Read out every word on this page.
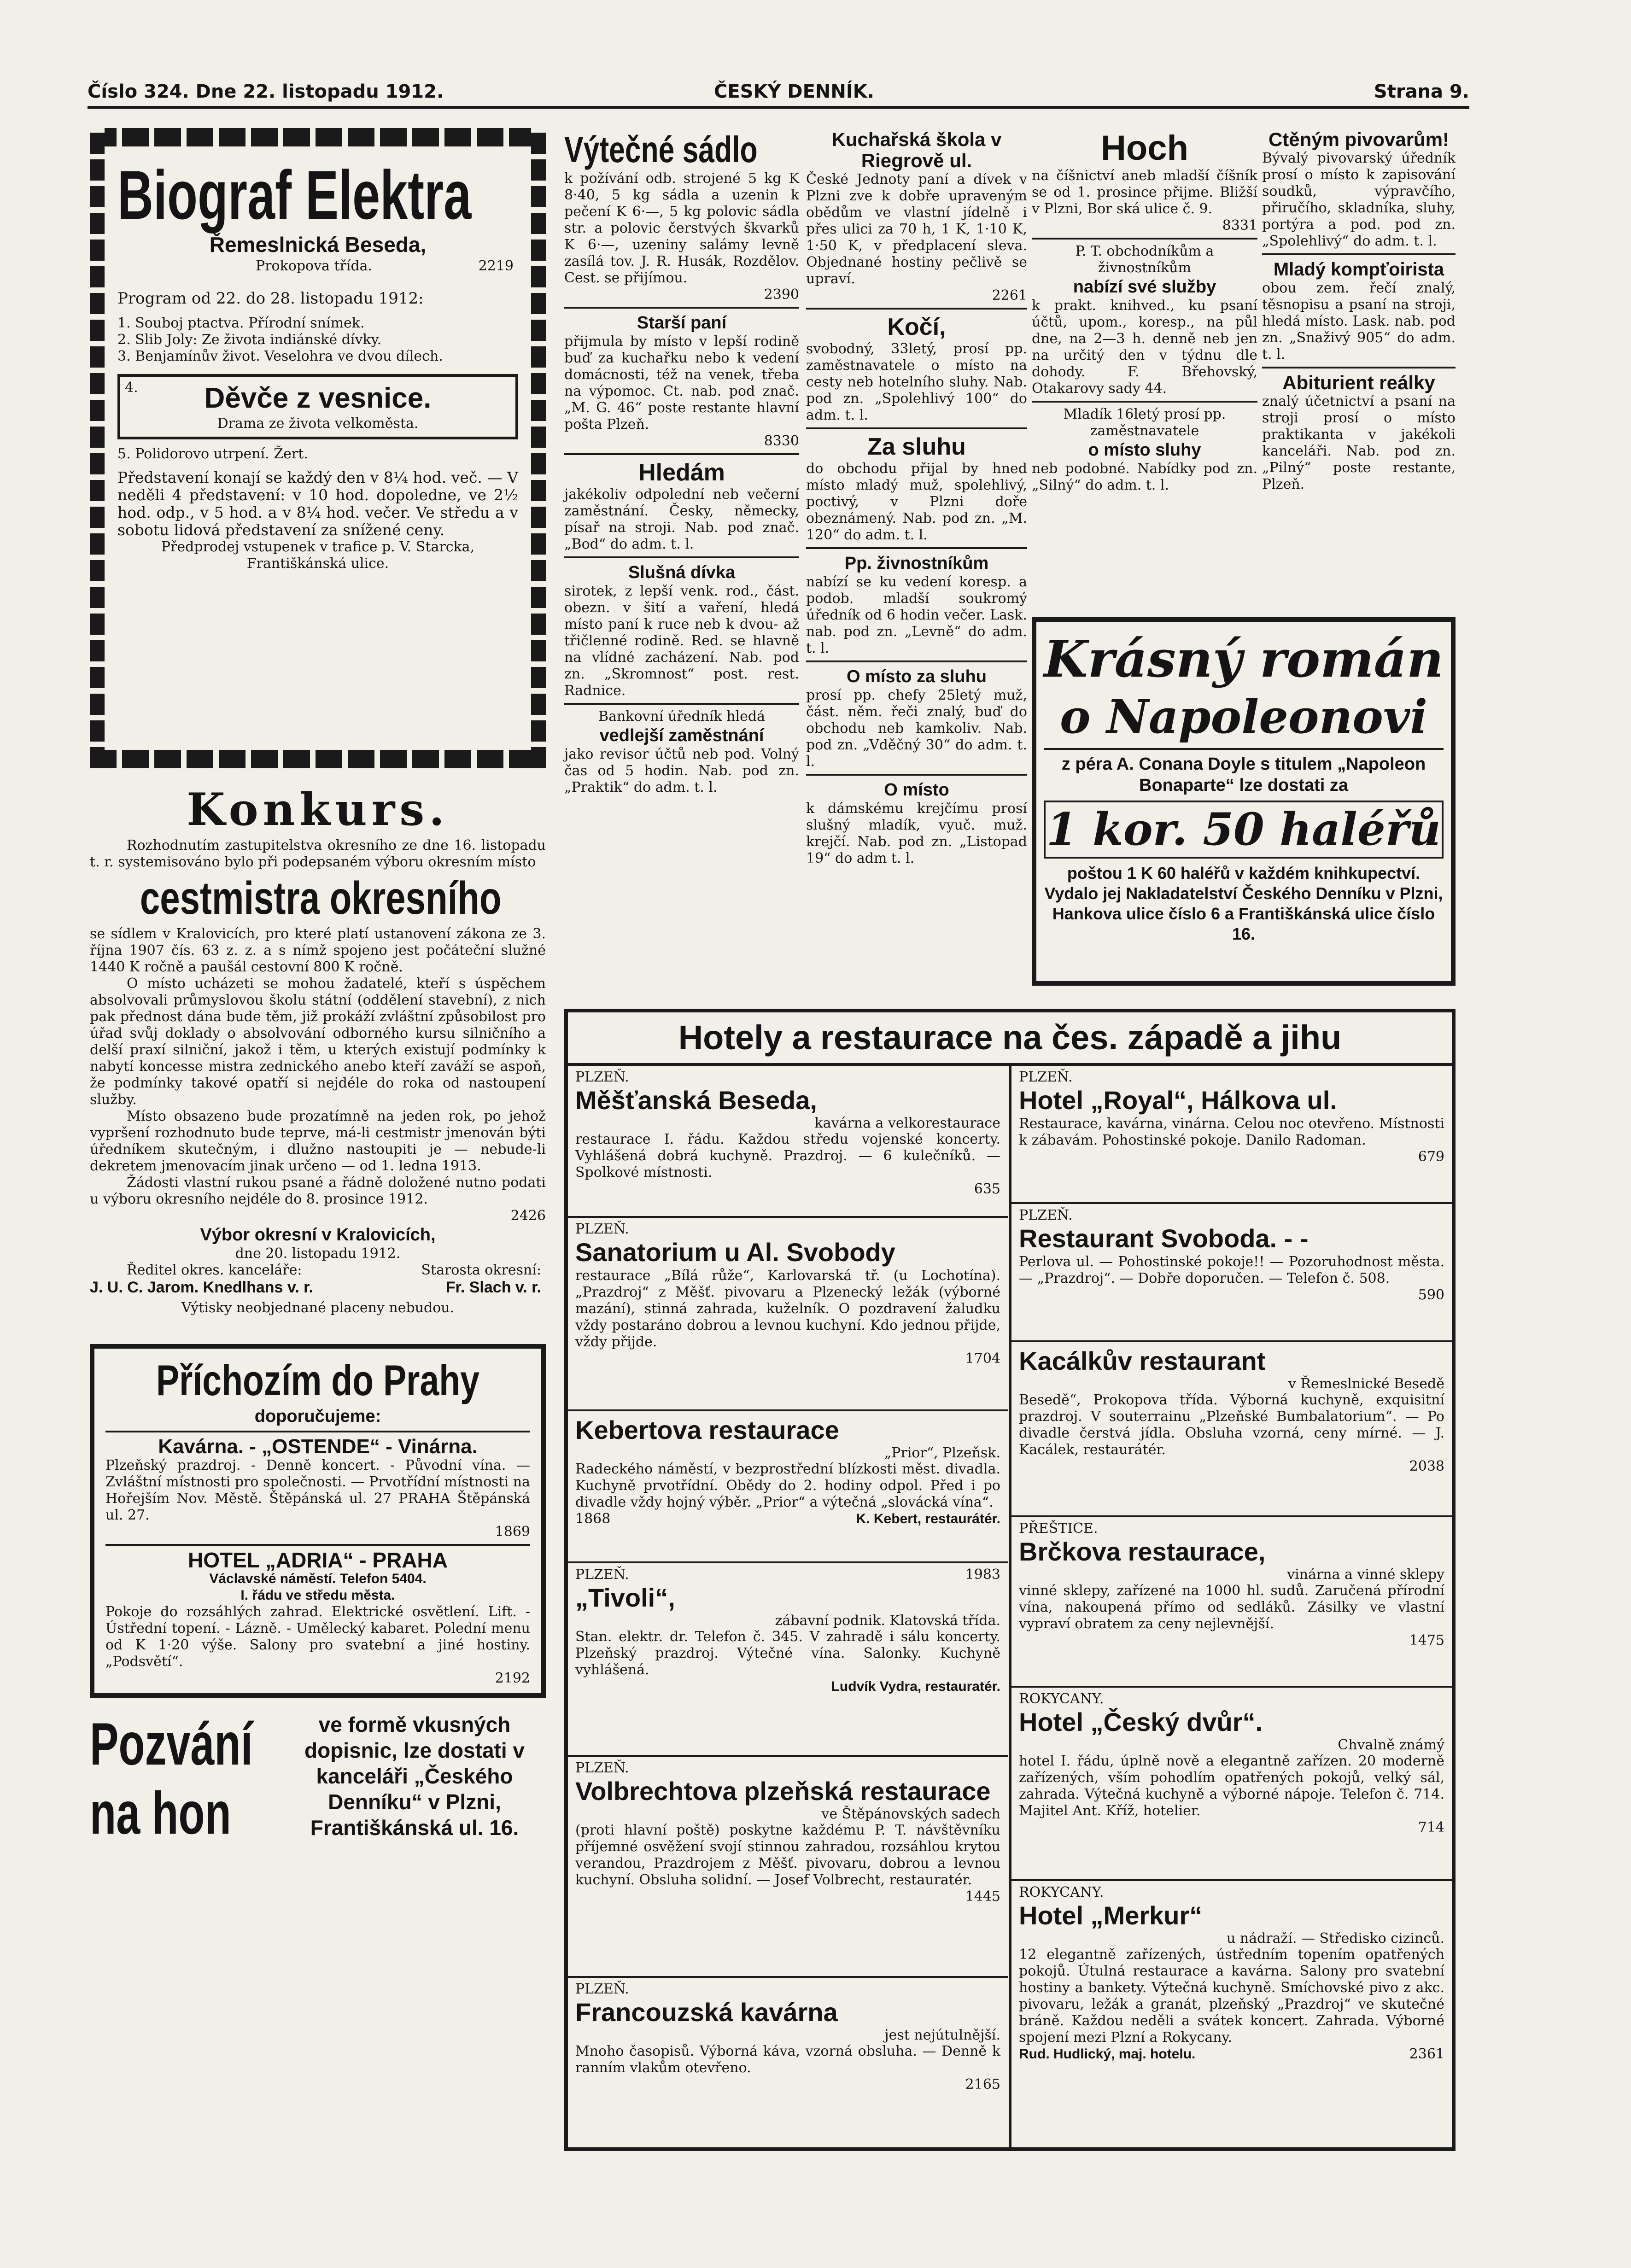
Číslo 324. Dne 22. listopadu 1912.	ČESKÝ DENNÍK.	Strana 9.
Biograf Elektra
Řemeslnická Beseda,
Prokopova třída.	2219

Program od 22. do 28. listopadu 1912:

1. Souboj ptactva. Přírodní snímek.

2. Slib Joly: Ze života indiánské dívky.

3. Benjamínův život. Veselohra ve dvou dílech.

4.	Děvče z vesnice.
Drama ze života velkoměsta.

5. Polidorovo utrpení. Žert.

Představení konají se každý den v 8¼ hod. več. — V neděli 4 představení: v 10 hod. dopoledne, ve 2½ hod. odp., v 5 hod. a v 8¼ hod. večer. Ve středu a v sobotu lidová představení za snížené ceny.

Předprodej vstupenek v trafice p. V. Starcka, Františkánská ulice.

Konkurs.

Rozhodnutím zastupitelstva okresního ze dne 16. listopadu t. r. systemisováno bylo při podepsaném výboru okresním místo

cestmistra okresního

se sídlem v Kralovicích, pro které platí ustanovení zákona ze 3. října 1907 čís. 63 z. z. a s nímž spojeno jest počáteční služné 1440 K ročně a paušál cestovní 800 K ročně.

O místo ucházeti se mohou žadatelé, kteří s úspěchem absolvovali průmyslovou školu státní (oddělení stavební), z nich pak přednost dána bude těm, již prokáží zvláštní způsobilost pro úřad svůj doklady o absolvování odborného kursu silničního a delší praxí silniční, jakož i těm, u kterých existují podmínky k nabytí koncesse mistra zednického anebo kteří zaváží se aspoň, že podmínky takové opatří si nejdéle do roka od nastoupení služby.

Místo obsazeno bude prozatímně na jeden rok, po jehož vypršení rozhodnuto bude teprve, má-li cestmistr jmenován býti úředníkem skutečným, i dlužno nastoupiti je — nebude-li dekretem jmenovacím jinak určeno — od 1. ledna 1913.

Žádosti vlastní rukou psané a řádně doložené nutno podati u výboru okresního nejdéle do 8. prosince 1912.

2426

Výbor okresní v Kralovicích,

dne 20. listopadu 1912.

Ředitel okres. kanceláře:	Starosta okresní:
J. U. C. Jarom. Knedlhans v. r.	Fr. Slach v. r.

Výtisky neobjednané placeny nebudou.

Příchozím do Prahy
doporučujeme:
Kavárna. - „OSTENDE“ - Vinárna.

Plzeňský prazdroj. - Denně koncert. - Původní vína. — Zvláštní místnosti pro společnosti. — Prvotřídní místnosti na Hořejším Nov. Městě. Štěpánská ul. 27 PRAHA Štěpánská ul. 27.

1869

HOTEL „ADRIA“ - PRAHA

Václavské náměstí. Telefon 5404.

I. řádu ve středu města.

Pokoje do rozsáhlých zahrad. Elektrické osvětlení. Lift. - Ústřední topení. - Lázně. - Umělecký kabaret. Polední menu od K 1·20 výše. Salony pro svatební a jiné hostiny. „Podsvětí“.

2192

Pozvání
na hon
ve formě vkusných dopisnic, lze dostati v kanceláři „Českého Denníku“ v Plzni, Františkánská ul. 16.
Výtečné sádlo

k požívání odb. strojené 5 kg K 8·40, 5 kg sádla a uzenin k pečení K 6·—, 5 kg polovic sádla str. a polovic čerstvých škvarků K 6·—, uzeniny salámy levně zasílá tov. J. R. Husák, Rozdělov. Cest. se přijímou.

2390

Starší paní

přijmula by místo v lepší rodině buď za kuchařku nebo k vedení domácnosti, též na venek, třeba na výpomoc. Ct. nab. pod znač. „M. G. 46“ poste restante hlavní pošta Plzeň.

8330

Hledám

jakékoliv odpolední neb večerní zaměstnání. Česky, německy, písař na stroji. Nab. pod znač. „Bod“ do adm. t. l.

Slušná dívka

sirotek, z lepší venk. rod., část. obezn. v šití a vaření, hledá místo paní k ruce neb k dvou- až třičlenné rodině. Red. se hlavně na vlídné zacházení. Nab. pod zn. „Skromnost“ post. rest. Radnice.

Bankovní úředník hledá

vedlejší zaměstnání

jako revisor účtů neb pod. Volný čas od 5 hodin. Nab. pod zn. „Praktik“ do adm. t. l.

Kuchařská škola v Riegrově ul.

České Jednoty paní a dívek v Plzni zve k dobře upraveným obědům ve vlastní jídelně i přes ulici za 70 h, 1 K, 1·10 K, 1·50 K, v předplacení sleva. Objednané hostiny pečlivě se upraví.

2261

Kočí,

svobodný, 33letý, prosí pp. zaměstnavatele o místo na cesty neb hotelního sluhy. Nab. pod zn. „Spolehlivý 100“ do adm. t. l.

Za sluhu

do obchodu přijal by hned místo mladý muž, spolehlivý, poctivý, v Plzni doře obeznámený. Nab. pod zn. „M. 120“ do adm. t. l.

Pp. živnostníkům

nabízí se ku vedení koresp. a podob. mladší soukromý úředník od 6 hodin večer. Lask. nab. pod zn. „Levně“ do adm. t. l.

O místo za sluhu

prosí pp. chefy 25letý muž, část. něm. řeči znalý, buď do obchodu neb kamkoliv. Nab. pod zn. „Vděčný 30“ do adm. t. l.

O místo

k dámskému krejčímu prosí slušný mladík, vyuč. muž. krejčí. Nab. pod zn. „Listopad 19“ do adm t. l.

Hoch

na číšnictví aneb mladší číšník se od 1. prosince přijme. Bližší v Plzni, Bor ská ulice č. 9.

8331

P. T. obchodníkům a živnostníkům

nabízí své služby

k prakt. knihved., ku psaní účtů, upom., koresp., na půl dne, na 2—3 h. denně neb jen na určitý den v týdnu dle dohody. F. Břehovský, Otakarovy sady 44.

Mladík 16letý prosí pp. zaměstnavatele

o místo sluhy

neb podobné. Nabídky pod zn. „Silný“ do adm. t. l.

Ctěným pivovarům!

Bývalý pivovarský úředník prosí o místo k zapisování soudků, výpravčího, přiručího, skladníka, sluhy, portýra a pod. pod zn. „Spolehlivý“ do adm. t. l.

Mladý kompťoirista

obou zem. řečí znalý, těsnopisu a psaní na stroji, hledá místo. Lask. nab. pod zn. „Snaživý 905“ do adm. t. l.

Abiturient reálky

znalý účetnictví a psaní na stroji prosí o místo praktikanta v jakékoli kanceláři. Nab. pod zn. „Pilný“ poste restante, Plzeň.

Krásný román
o Napoleonovi
z péra A. Conana Doyle s titulem „Napoleon Bonaparte“ lze dostati za
1 kor. 50 haléřů
poštou 1 K 60 haléřů v každém knihkupectví. Vydalo jej Nakladatelství Českého Denníku v Plzni, Hankova ulice číslo 6 a Františkánská ulice číslo 16.
Hotely a restaurace na čes. západě a jihu

PLZEŇ.

Měšťanská Beseda,

kavárna a velkorestaurace

restaurace I. řádu. Každou středu vojenské koncerty. Vyhlášená dobrá kuchyně. Prazdroj. — 6 kulečníků. — Spolkové místnosti.

635

PLZEŇ.

Sanatorium u Al. Svobody

restaurace „Bílá růže“, Karlovarská tř. (u Lochotína). „Prazdroj“ z Měšť. pivovaru a Plzenecký ležák (výborné mazání), stinná zahrada, kuželník. O pozdravení žaludku vždy postaráno dobrou a levnou kuchyní. Kdo jednou přijde, vždy přijde.

1704

Kebertova restaurace

„Prior“, Plzeňsk.

Radeckého náměstí, v bezprostřední blízkosti měst. divadla. Kuchyně prvotřídní. Obědy do 2. hodiny odpol. Před i po divadle vždy hojný výběr. „Prior“ a výtečná „slovácká vína“.

1868	K. Kebert, restaurátér.

PLZEŇ.	1983

„Tivoli“,

zábavní podnik. Klatovská třída.

Stan. elektr. dr. Telefon č. 345. V zahradě i sálu koncerty. Plzeňský prazdroj. Výtečné vína. Salonky. Kuchyně vyhlášená.

Ludvík Vydra, restauratér.

PLZEŇ.

Volbrechtova plzeňská restaurace

ve Štěpánovských sadech

(proti hlavní poště) poskytne každému P. T. návštěvníku příjemné osvěžení svojí stinnou zahradou, rozsáhlou krytou verandou, Prazdrojem z Měšť. pivovaru, dobrou a levnou kuchyní. Obsluha solidní. — Josef Volbrecht, restauratér.

1445

PLZEŇ.

Francouzská kavárna

jest nejútulnější.

Mnoho časopisů. Výborná káva, vzorná obsluha. — Denně k ranním vlakům otevřeno.

2165

PLZEŇ.

Hotel „Royal“, Hálkova ul.

Restaurace, kavárna, vinárna. Celou noc otevřeno. Místnosti k zábavám. Pohostinské pokoje. Danilo Radoman.

679

PLZEŇ.

Restaurant Svoboda. - -

Perlova ul. — Pohostinské pokoje!! — Pozoruhodnost města. — „Prazdroj“. — Dobře doporučen. — Telefon č. 508.

590

Kacálkův restaurant

v Řemeslnické Besedě

Besedě“, Prokopova třída. Výborná kuchyně, exquisitní prazdroj. V souterrainu „Plzeňské Bumbalatorium“. — Po divadle čerstvá jídla. Obsluha vzorná, ceny mírné. — J. Kacálek, restaurátér.

2038

PŘEŠTICE.

Brčkova restaurace,

vinárna a vinné sklepy

vinné sklepy, zařízené na 1000 hl. sudů. Zaručená přírodní vína, nakoupená přímo od sedláků. Zásilky ve vlastní vypraví obratem za ceny nejlevnější.

1475

ROKYCANY.

Hotel „Český dvůr“.

Chvalně známý

hotel I. řádu, úplně nově a elegantně zařízen. 20 moderně zařízených, vším pohodlím opatřených pokojů, velký sál, zahrada. Výtečná kuchyně a výborné nápoje. Telefon č. 714. Majitel Ant. Kříž, hotelier.

714

ROKYCANY.

Hotel „Merkur“

u nádraží. — Středisko cizinců.

12 elegantně zařízených, ústředním topením opatřených pokojů. Útulná restaurace a kavárna. Salony pro svatební hostiny a bankety. Výtečná kuchyně. Smíchovské pivo z akc. pivovaru, ležák a granát, plzeňský „Prazdroj“ ve skutečné bráně. Každou neděli a svátek koncert. Zahrada. Výborné spojení mezi Plzní a Rokycany.

Rud. Hudlický, maj. hotelu.	2361
